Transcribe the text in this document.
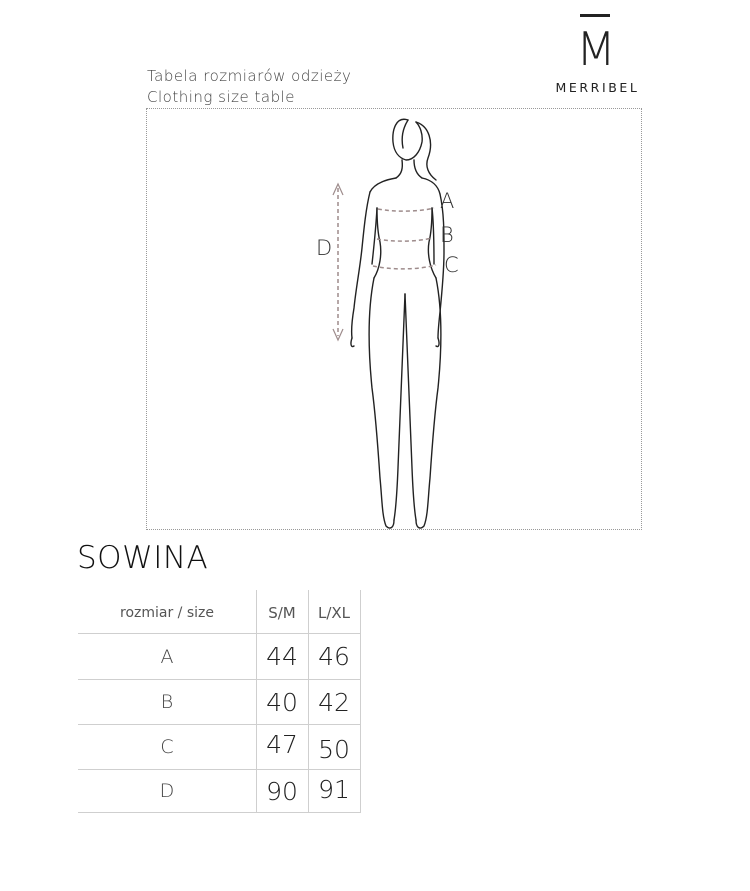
Tabela rozmiarów odzieży
Clothing size table
M
MERRIBEL
A
B
C
D
SOWINA
rozmiar / size	S/M	L/XL
A	44 46
B	40 42
C	47 50
D	90 91
